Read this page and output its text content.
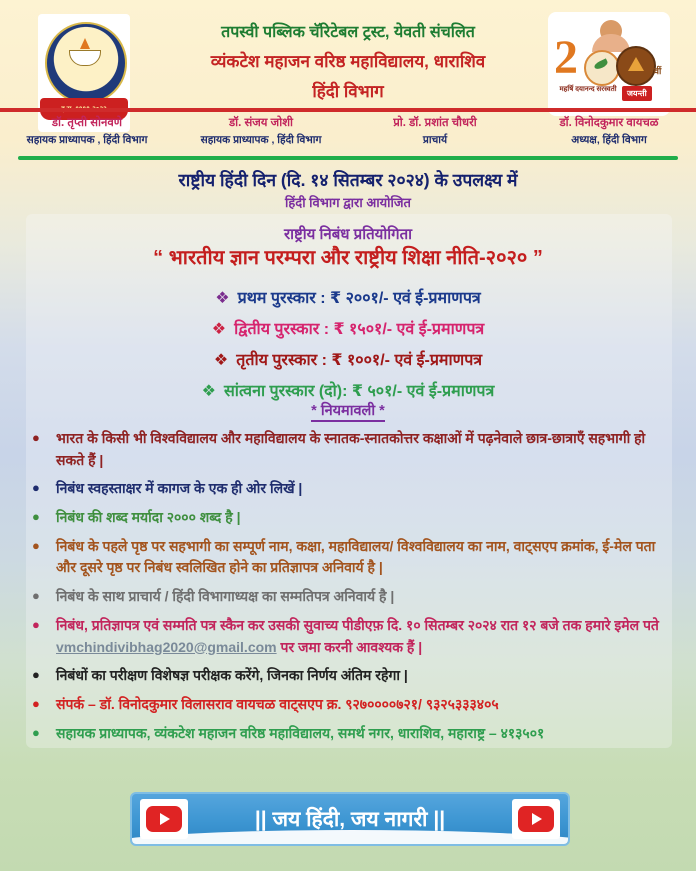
2	वीं
महर्षि दयानन्द सरस्वती	जयन्ती
तपस्वी पब्लिक चॅरिटेबल ट्रस्ट, येवती संचलित
व्यंकटेश महाजन वरिष्ठ महाविद्यालय, धाराशिव
हिंदी विभाग
डॉ. तृप्ती सोनवणे
सहायक प्राध्यापक , हिंदी विभाग
डॉ. संजय जोशी
सहायक प्राध्यापक , हिंदी विभाग
प्रो. डॉ. प्रशांत चौधरी
प्राचार्य
डॉ. विनोदकुमार वायचळ
अध्यक्ष, हिंदी विभाग
राष्ट्रीय हिंदी दिन (दि. १४ सितम्बर २०२४) के उपलक्ष्य में
हिंदी विभाग द्वारा आयोजित
राष्ट्रीय निबंध प्रतियोगिता
“ भारतीय ज्ञान परम्परा और राष्ट्रीय शिक्षा नीति-२०२० ”
❖ प्रथम पुरस्कार : ₹ २००१/- एवं ई-प्रमाणपत्र
❖ द्वितीय पुरस्कार : ₹ १५०१/- एवं ई-प्रमाणपत्र
❖ तृतीय पुरस्कार : ₹ १००१/- एवं ई-प्रमाणपत्र
❖ सांत्वना पुरस्कार (दो): ₹ ५०१/- एवं ई-प्रमाणपत्र
* नियमावली *
●	भारत के किसी भी विश्वविद्यालय और महाविद्यालय के स्नातक-स्नातकोत्तर कक्षाओं में पढ़नेवाले छात्र-छात्राएँ सहभागी हो सकते हैं |
●	निबंध स्वहस्ताक्षर में कागज के एक ही ओर लिखें |
●	निबंध की शब्द मर्यादा २००० शब्द है |
●	निबंध के पहले पृष्ठ पर सहभागी का सम्पूर्ण नाम, कक्षा, महाविद्यालय/ विश्वविद्यालय का नाम, वाट्सएप क्रमांक, ई-मेल पता और दूसरे पृष्ठ पर निबंध स्वलिखित होने का प्रतिज्ञापत्र अनिवार्य है |
●	निबंध के साथ प्राचार्य / हिंदी विभागाध्यक्ष का सम्मतिपत्र अनिवार्य है |
●	निबंध, प्रतिज्ञापत्र एवं सम्मति पत्र स्कैन कर उसकी सुवाच्य पीडीएफ़ दि. १० सितम्बर २०२४ रात १२ बजे तक हमारे इमेल पते vmchindivibhag2020@gmail.com पर जमा करनी आवश्यक हैं |
●	निबंधों का परीक्षण विशेषज्ञ परीक्षक करेंगे, जिनका निर्णय अंतिम रहेगा |
●	संपर्क – डॉ. विनोदकुमार विलासराव वायचळ वाट्सएप क्र. ९२७००००७२१/ ९३२५३३३४०५
●	सहायक प्राध्यापक, व्यंकटेश महाजन वरिष्ठ महाविद्यालय, समर्थ नगर, धाराशिव, महाराष्ट्र – ४१३५०१
|| जय हिंदी, जय नागरी ||
